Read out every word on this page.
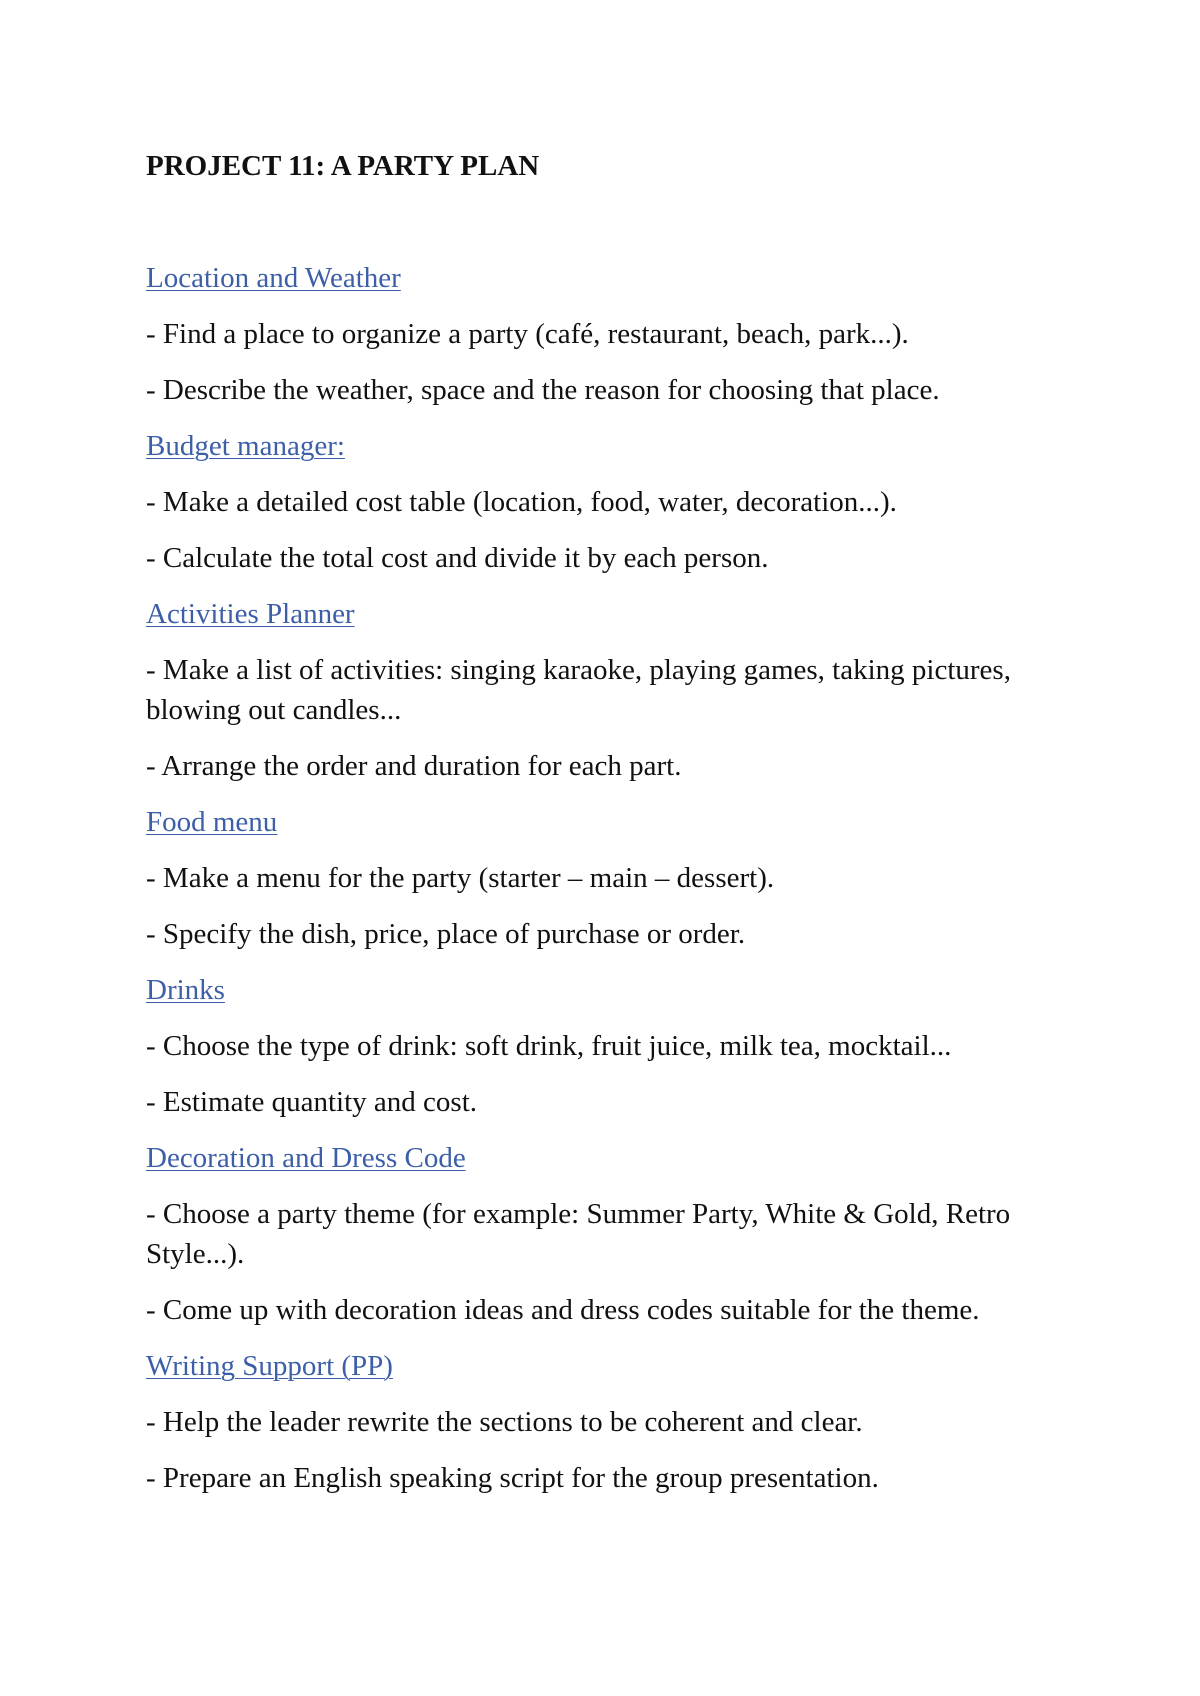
PROJECT 11: A PARTY PLAN
Location and Weather
- Find a place to organize a party (café, restaurant, beach, park...).
- Describe the weather, space and the reason for choosing that place.
Budget manager:
- Make a detailed cost table (location, food, water, decoration...).
- Calculate the total cost and divide it by each person.
Activities Planner
- Make a list of activities: singing karaoke, playing games, taking pictures, blowing out candles...
- Arrange the order and duration for each part.
Food menu
- Make a menu for the party (starter – main – dessert).
- Specify the dish, price, place of purchase or order.
Drinks
- Choose the type of drink: soft drink, fruit juice, milk tea, mocktail...
- Estimate quantity and cost.
Decoration and Dress Code
- Choose a party theme (for example: Summer Party, White & Gold, Retro Style...).
- Come up with decoration ideas and dress codes suitable for the theme.
Writing Support (PP)
- Help the leader rewrite the sections to be coherent and clear.
- Prepare an English speaking script for the group presentation.
